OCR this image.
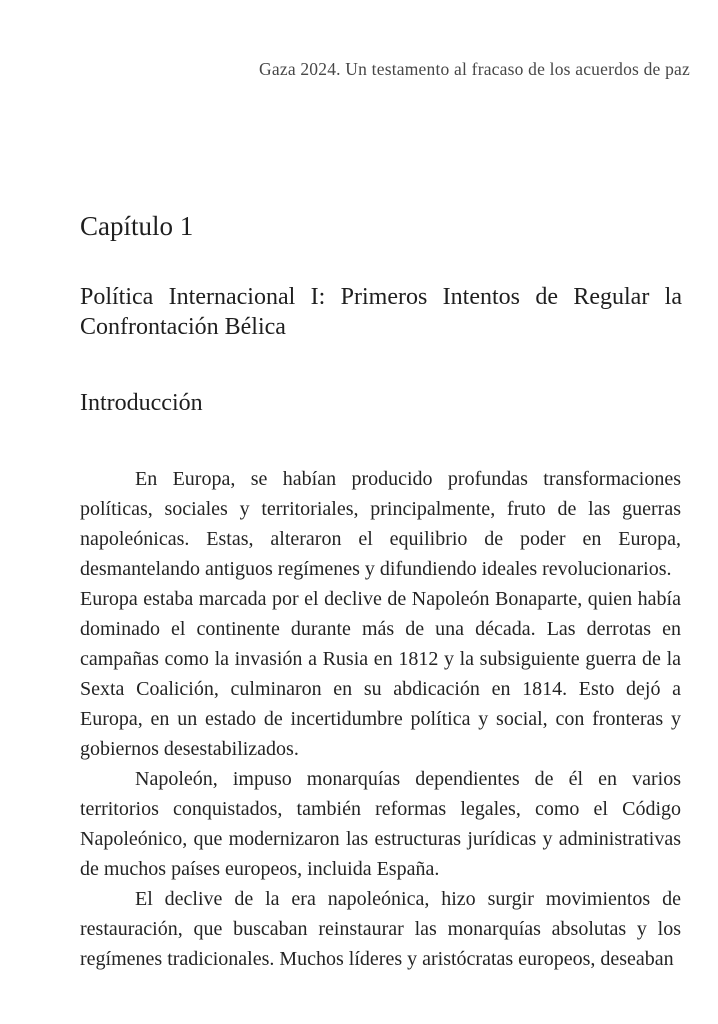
Gaza 2024. Un testamento al fracaso de los acuerdos de paz
Capítulo 1
Política Internacional I: Primeros Intentos de Regular la Confrontación Bélica
Introducción

En Europa, se habían producido profundas transformaciones políticas, sociales y territoriales, principalmente, fruto de las guerras napoleónicas. Estas, alteraron el equilibrio de poder en Europa, desmantelando antiguos regímenes y difundiendo ideales revolucionarios.

Europa estaba marcada por el declive de Napoleón Bonaparte, quien había dominado el continente durante más de una década. Las derrotas en campañas como la invasión a Rusia en 1812 y la subsiguiente guerra de la Sexta Coalición, culminaron en su abdicación en 1814. Esto dejó a Europa, en un estado de incertidumbre política y social, con fronteras y gobiernos desestabilizados.

Napoleón, impuso monarquías dependientes de él en varios territorios conquistados, también reformas legales, como el Código Napoleónico, que modernizaron las estructuras jurídicas y administrativas de muchos países europeos, incluida España.

El declive de la era napoleónica, hizo surgir movimientos de restauración, que buscaban reinstaurar las monarquías absolutas y los regímenes tradicionales. Muchos líderes y aristócratas europeos, deseaban
